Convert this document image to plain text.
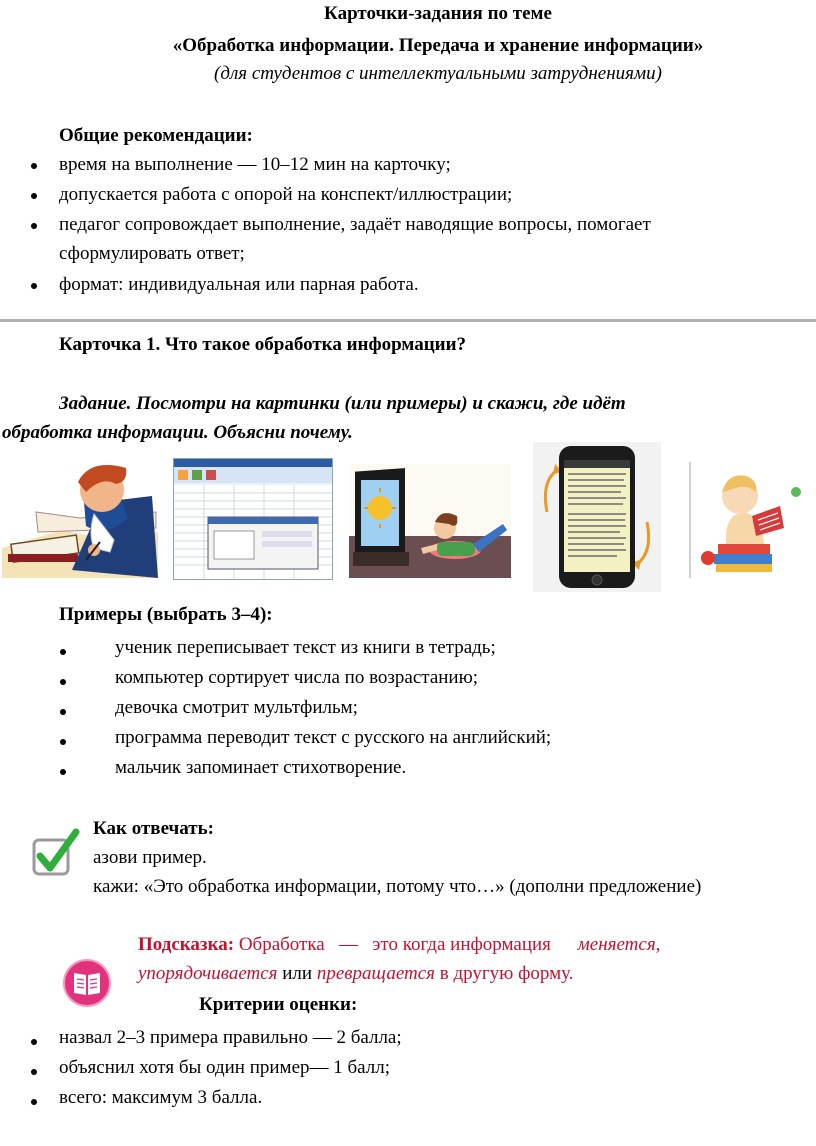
Карточки-задания по теме
«Обработка информации. Передача и хранение информации»
(для студентов с интеллектуальными затруднениями)
Общие рекомендации:
время на выполнение — 10–12 мин на карточку;
допускается работа с опорой на конспект/иллюстрации;
педагог сопровождает выполнение, задаёт наводящие вопросы, помогает
сформулировать ответ;
формат: индивидуальная или парная работа.
Карточка 1. Что такое обработка информации?
Задание. Посмотри на картинки (или примеры) и скажи, где идёт
обработка информации. Объясни почему.
Примеры (выбрать 3–4):
ученик переписывает текст из книги в тетрадь;
компьютер сортирует числа по возрастанию;
девочка смотрит мультфильм;
программа переводит текст с русского на английский;
мальчик запоминает стихотворение.
Как отвечать:
азови пример.
кажи: «Это обработка информации, потому что…» (дополни предложение)
Подсказка: Обработка   —   это когда информация меняется,
упорядочивается или превращается в другую форму.
Критерии оценки:
назвал 2–3 примера правильно — 2 балла;
объяснил хотя бы один пример— 1 балл;
всего: максимум 3 балла.
